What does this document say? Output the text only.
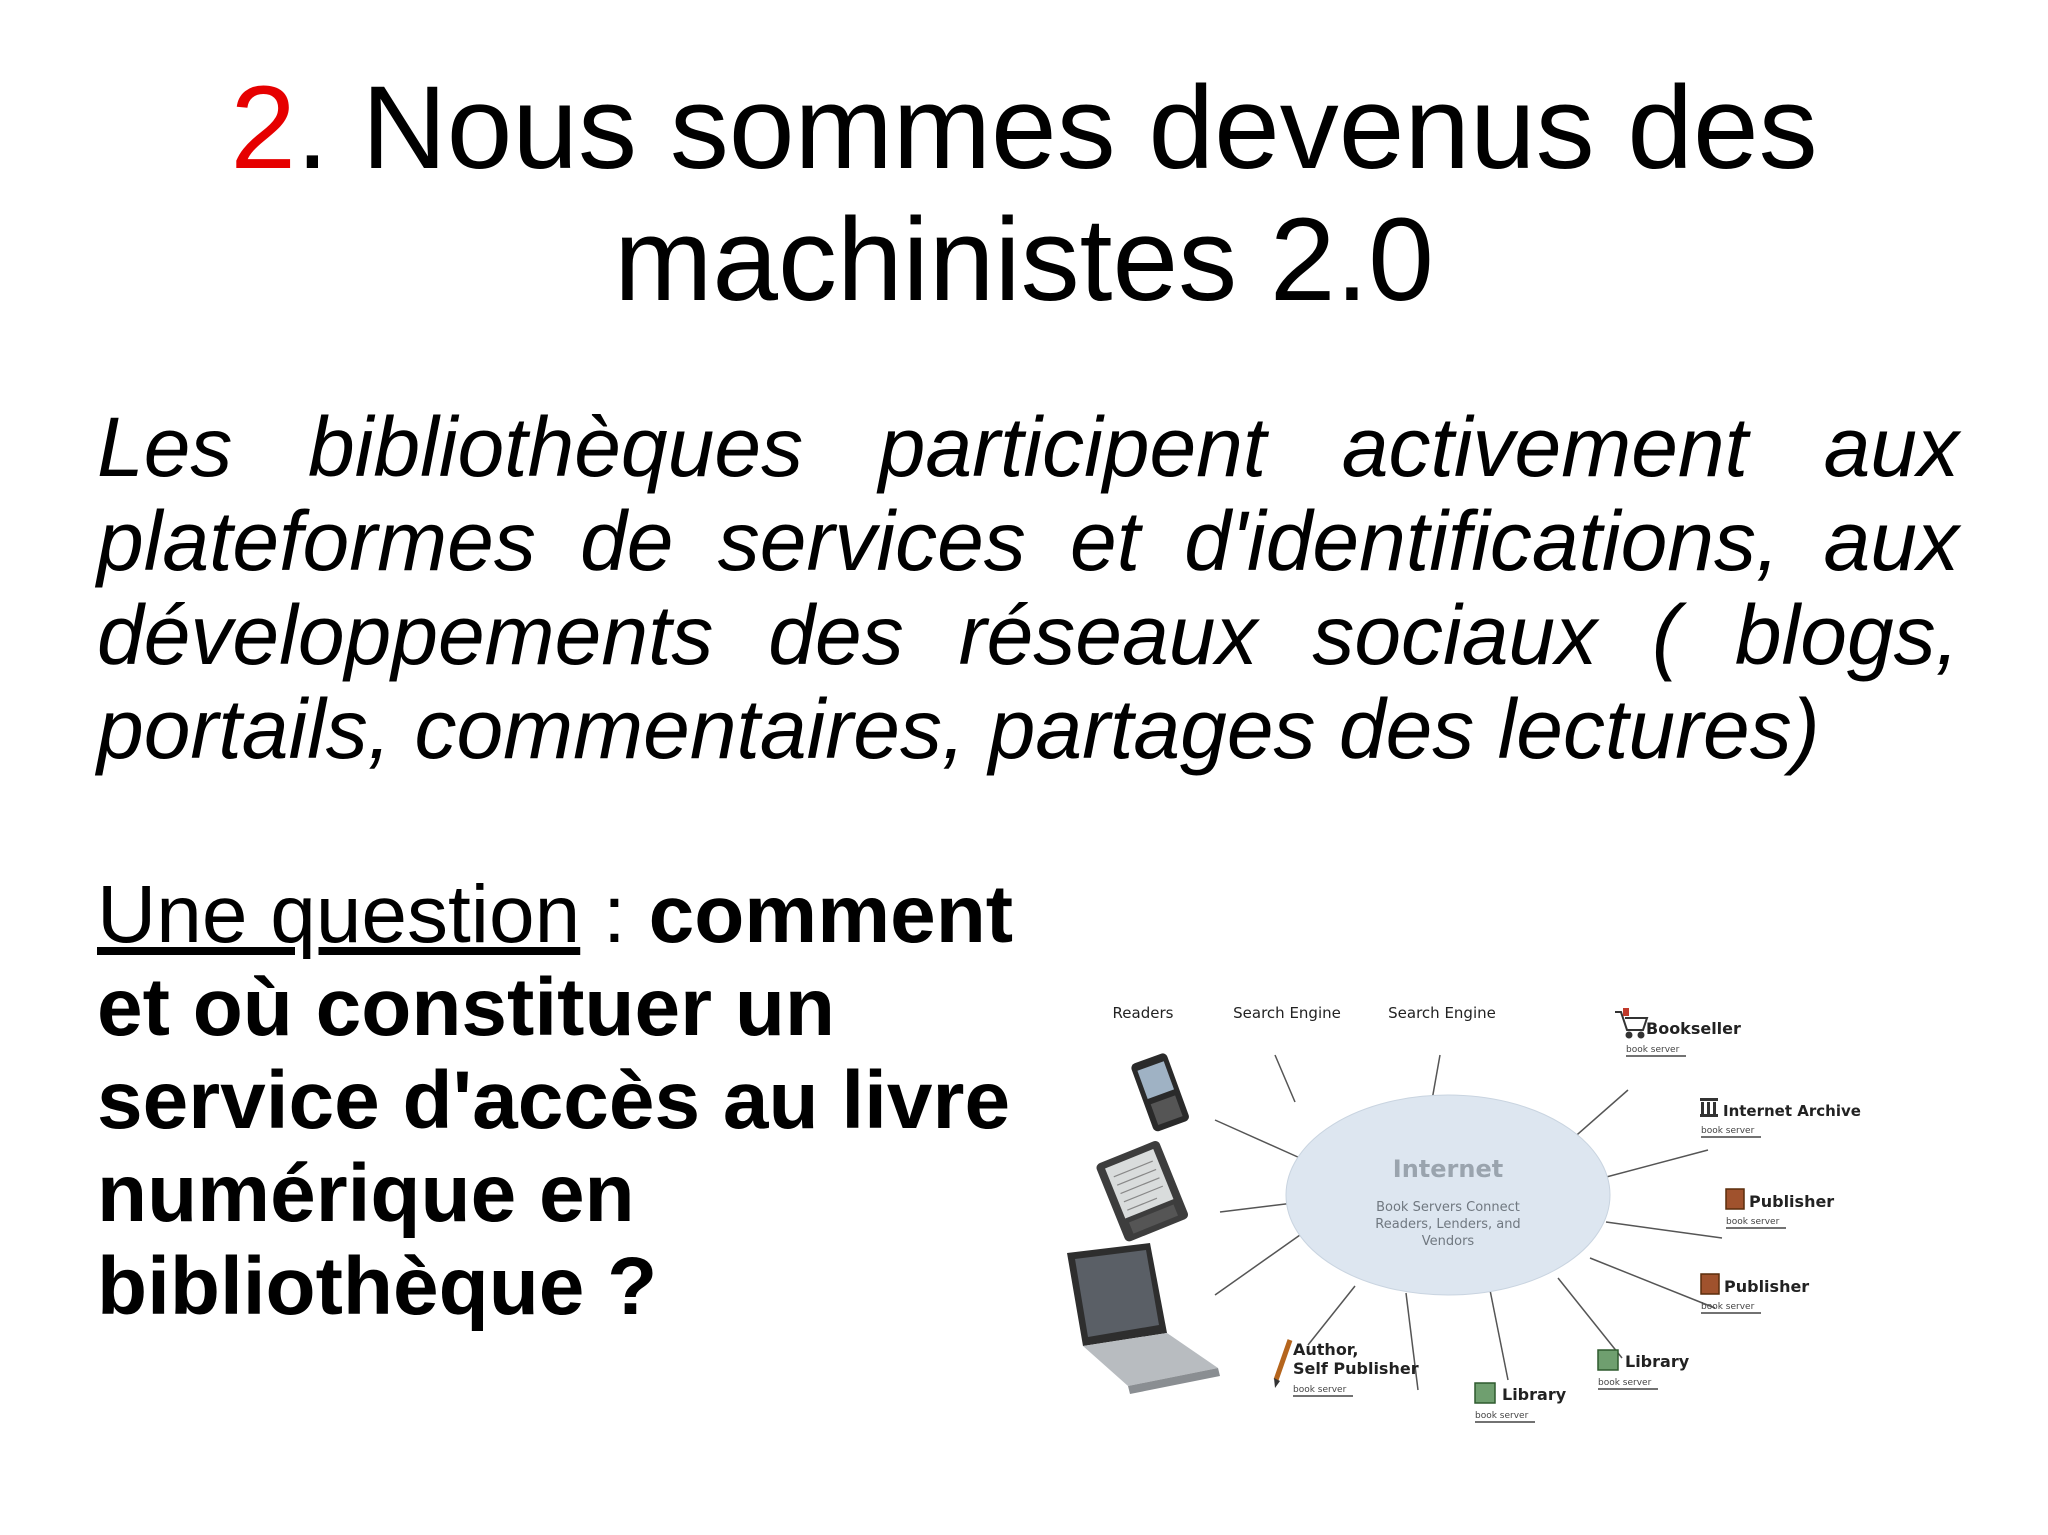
2. Nous sommes devenus des machinistes 2.0

Les bibliothèques participent activement aux plateformes de services et d'identifications, aux développements des réseaux sociaux ( blogs, portails, commentaires, partages des lectures)

Une question : comment et où constituer un service d'accès au livre numérique en bibliothèque ?

Internet
Book Servers Connect
Readers, Lenders, and
Vendors
Readers	Search Engine	Search Engine
Bookseller
book server
Internet Archive
book server
Publisher
book server
Publisher
book server
Library
book server
Library
book server
Author,
Self Publisher
book server
